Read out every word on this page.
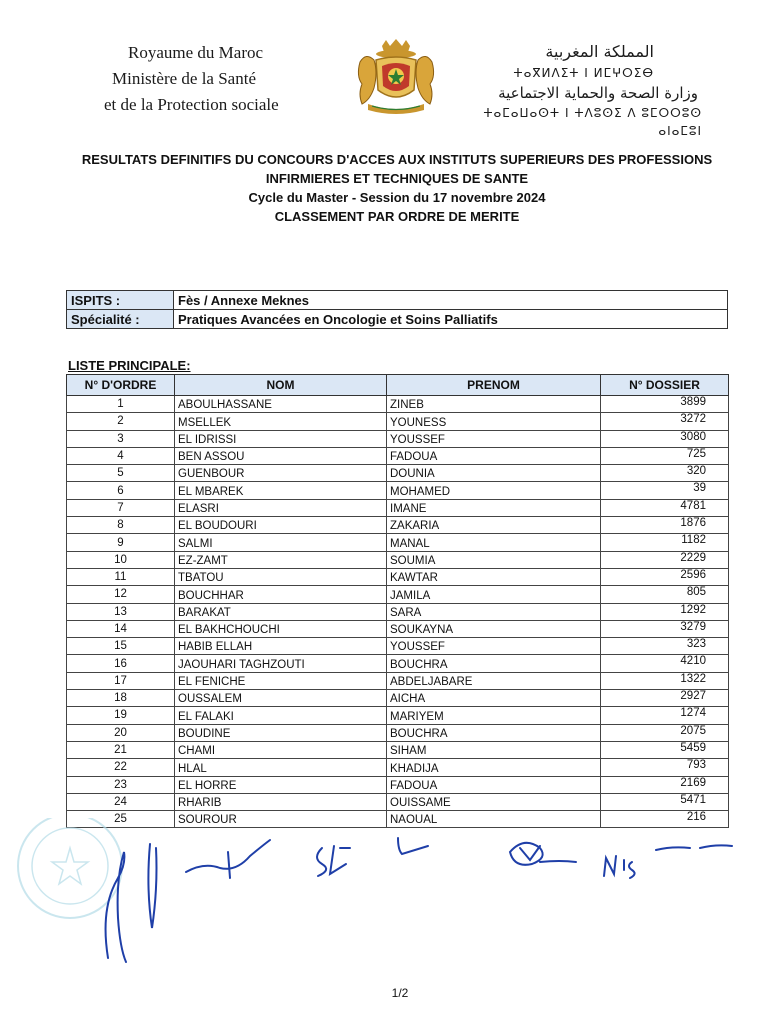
Royaume du Maroc
Ministère de la Santé
et de la Protection sociale
المملكة المغربية
ⵜⴰⴳⵍⴷⵉⵜ ⵏ ⵍⵎⵖⵔⵉⴱ
وزارة الصحة والحماية الاجتماعية
ⵜⴰⵎⴰⵡⴰⵙⵜ ⵏ ⵜⴷⵓⵙⵉ ⴷ ⵓⵎⵔⵔⵓⵙ ⴰⵏⴰⵎⵓⵏ
RESULTATS DEFINITIFS DU CONCOURS D'ACCES AUX INSTITUTS SUPERIEURS DES PROFESSIONS
INFIRMIERES ET TECHNIQUES DE SANTE
Cycle du Master - Session du 17 novembre 2024
CLASSEMENT PAR ORDRE DE MERITE
ISPITS :	Fès / Annexe Meknes
Spécialité :	Pratiques Avancées en Oncologie et Soins Palliatifs
LISTE PRINCIPALE:
N° D'ORDRE	NOM	PRENOM	N° DOSSIER
1	ABOULHASSANE	ZINEB	3899
2	MSELLEK	YOUNESS	3272
3	EL IDRISSI	YOUSSEF	3080
4	BEN ASSOU	FADOUA	725
5	GUENBOUR	DOUNIA	320
6	EL MBAREK	MOHAMED	39
7	ELASRI	IMANE	4781
8	EL BOUDOURI	ZAKARIA	1876
9	SALMI	MANAL	1182
10	EZ-ZAMT	SOUMIA	2229
11	TBATOU	KAWTAR	2596
12	BOUCHHAR	JAMILA	805
13	BARAKAT	SARA	1292
14	EL BAKHCHOUCHI	SOUKAYNA	3279
15	HABIB ELLAH	YOUSSEF	323
16	JAOUHARI TAGHZOUTI	BOUCHRA	4210
17	EL FENICHE	ABDELJABARE	1322
18	OUSSALEM	AICHA	2927
19	EL FALAKI	MARIYEM	1274
20	BOUDINE	BOUCHRA	2075
21	CHAMI	SIHAM	5459
22	HLAL	KHADIJA	793
23	EL HORRE	FADOUA	2169
24	RHARIB	OUISSAME	5471
25	SOUROUR	NAOUAL	216
1/2
